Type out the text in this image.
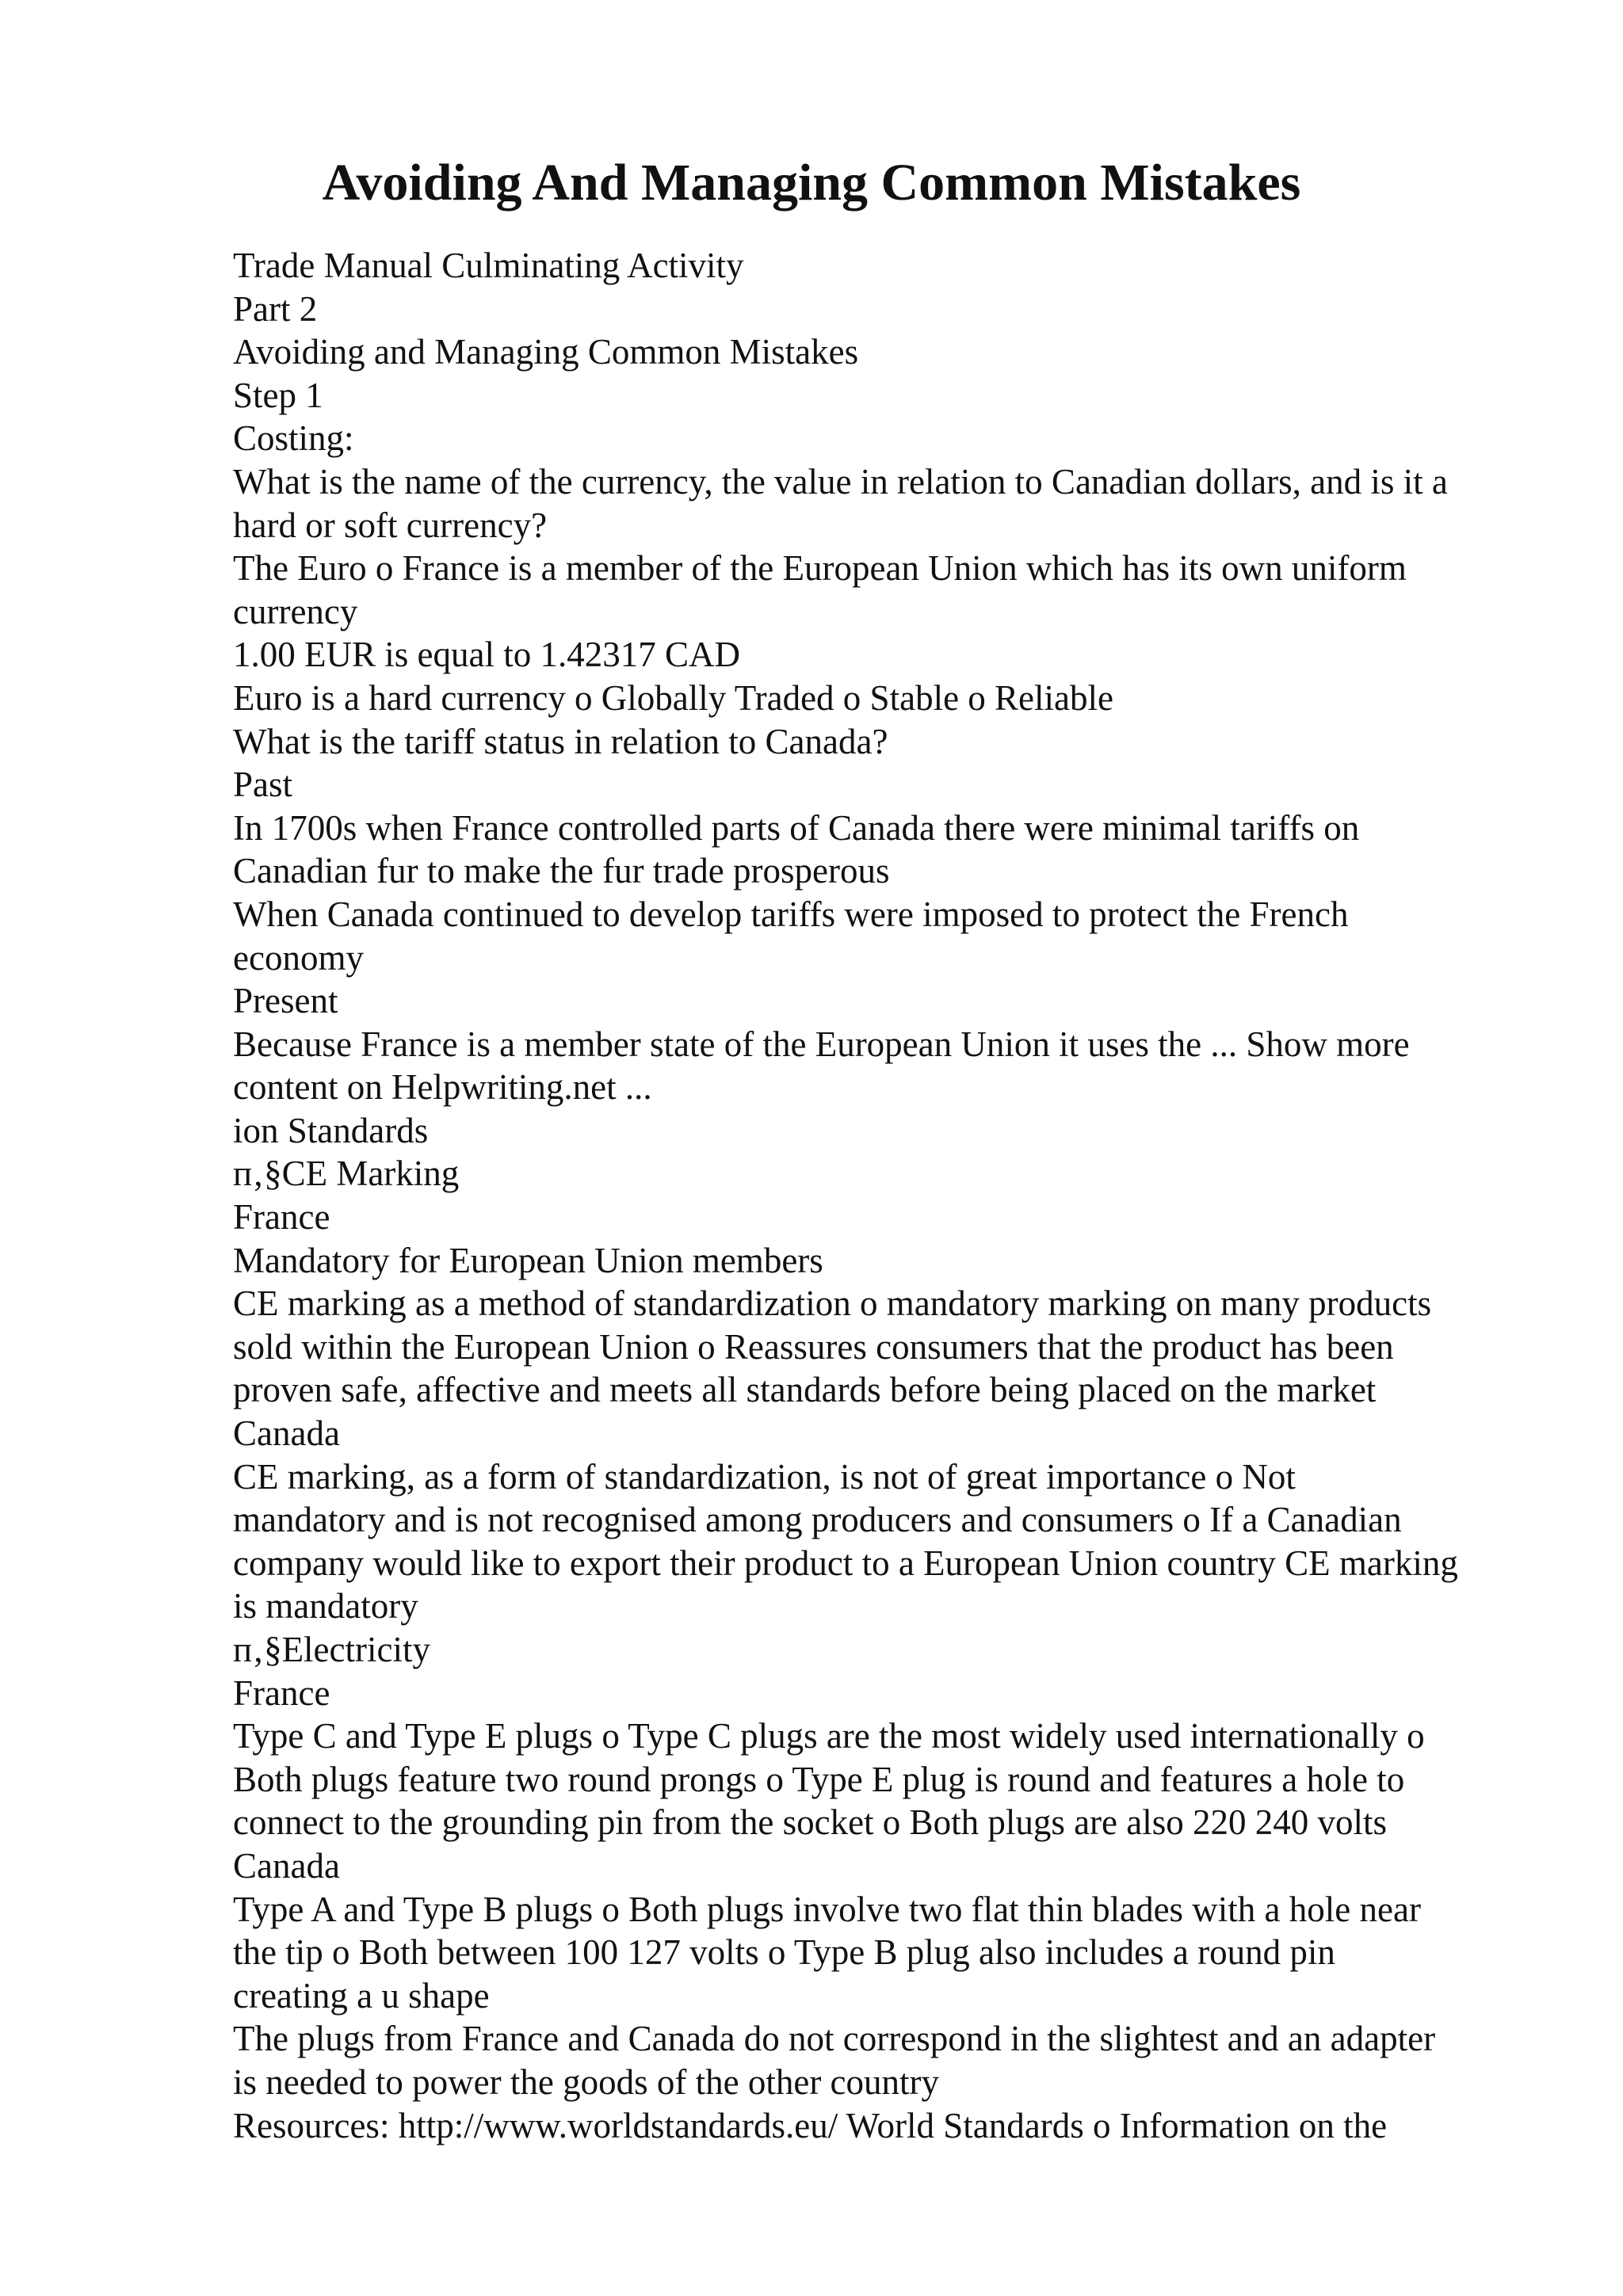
Avoiding And Managing Common Mistakes

Trade Manual Culminating Activity

Part 2

Avoiding and Managing Common Mistakes

Step 1

Costing:

What is the name of the currency, the value in relation to Canadian dollars, and is it a

hard or soft currency?

The Euro o France is a member of the European Union which has its own uniform

currency

1.00 EUR is equal to 1.42317 CAD

Euro is a hard currency o Globally Traded o Stable o Reliable

What is the tariff status in relation to Canada?

Past

In 1700s when France controlled parts of Canada there were minimal tariffs on

Canadian fur to make the fur trade prosperous

When Canada continued to develop tariffs were imposed to protect the French

economy

Present

Because France is a member state of the European Union it uses the ... Show more

content on Helpwriting.net ...

ion Standards

п‚§CE Marking

France

Mandatory for European Union members

CE marking as a method of standardization o mandatory marking on many products

sold within the European Union o Reassures consumers that the product has been

proven safe, affective and meets all standards before being placed on the market

Canada

CE marking, as a form of standardization, is not of great importance o Not

mandatory and is not recognised among producers and consumers o If a Canadian

company would like to export their product to a European Union country CE marking

is mandatory

п‚§Electricity

France

Type C and Type E plugs o Type C plugs are the most widely used internationally o

Both plugs feature two round prongs o Type E plug is round and features a hole to

connect to the grounding pin from the socket o Both plugs are also 220 240 volts

Canada

Type A and Type B plugs o Both plugs involve two flat thin blades with a hole near

the tip o Both between 100 127 volts o Type B plug also includes a round pin

creating a u shape

The plugs from France and Canada do not correspond in the slightest and an adapter

is needed to power the goods of the other country

Resources: http://www.worldstandards.eu/ World Standards o Information on the
